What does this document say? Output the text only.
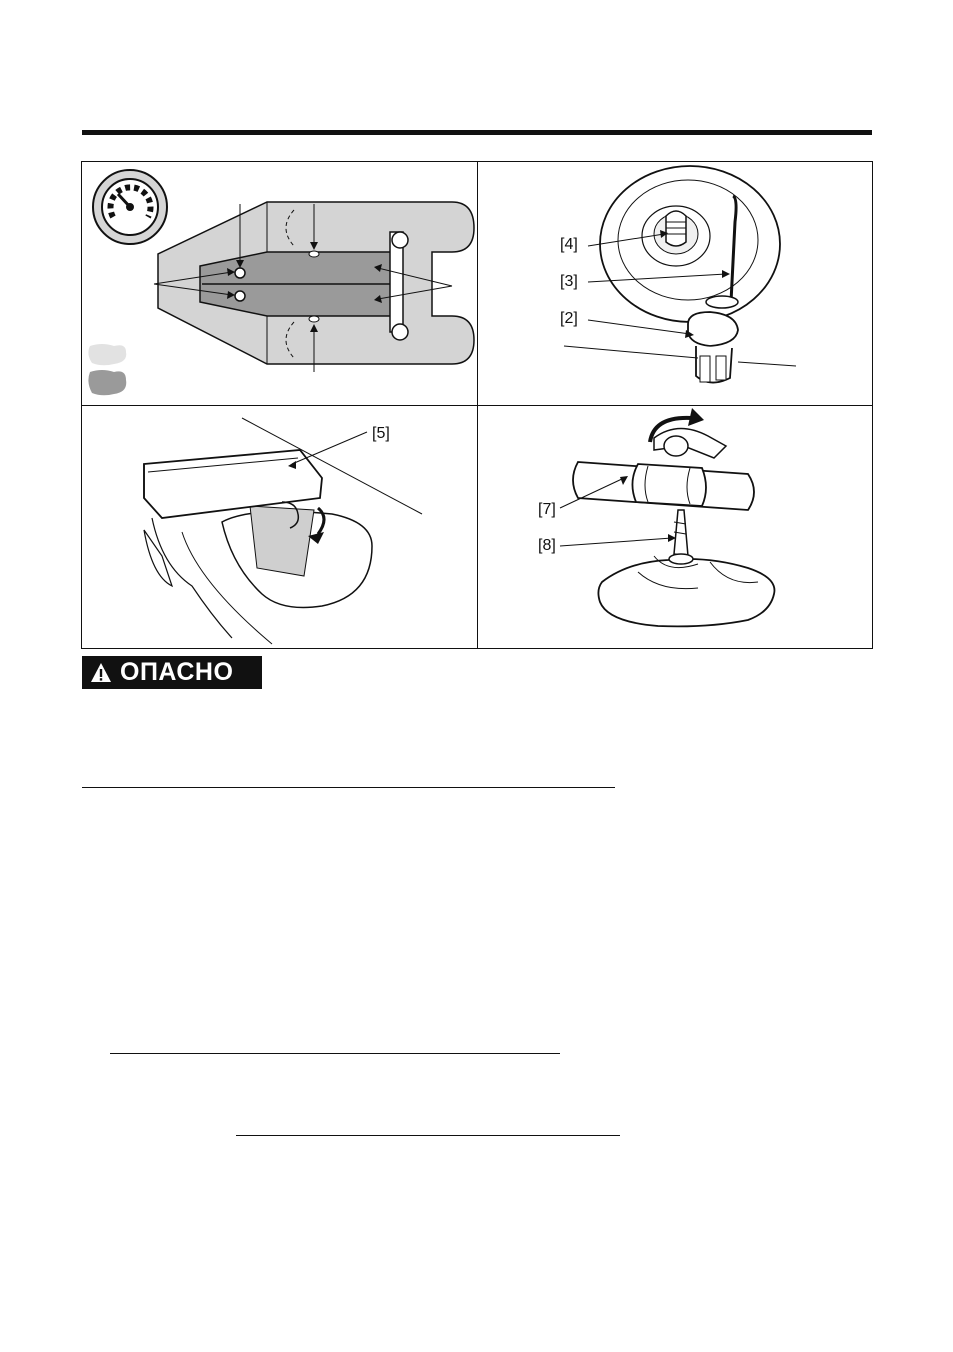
[4]
[3]
[2]
[5]
[7]
[8]
ОПАСНО
